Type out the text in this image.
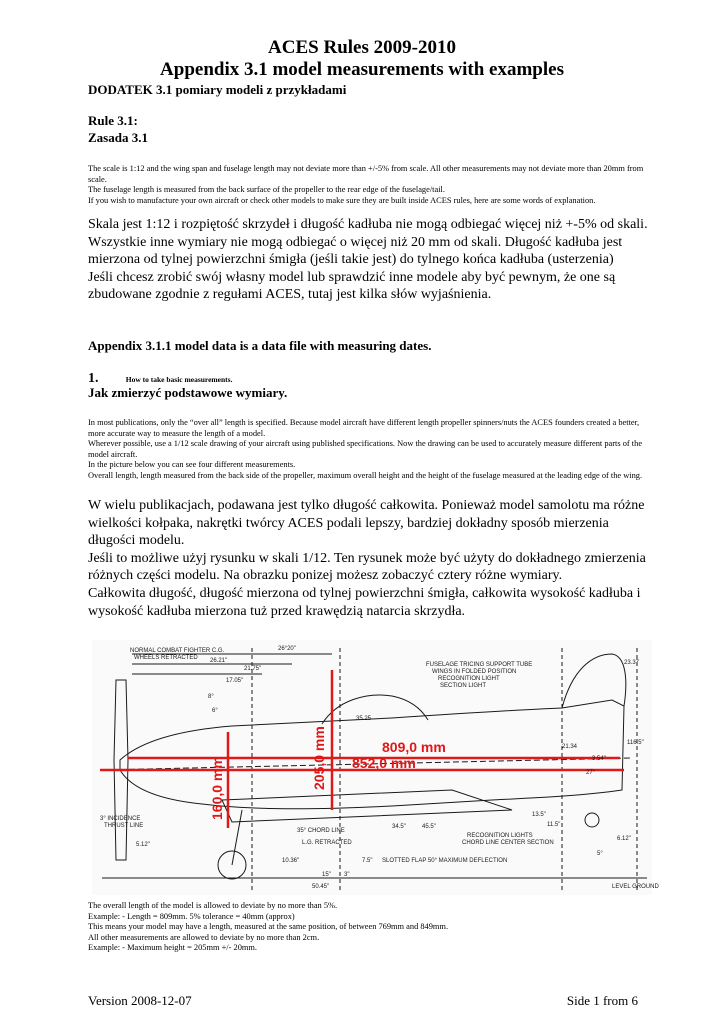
ACES Rules 2009-2010
Appendix 3.1 model measurements with examples
DODATEK 3.1 pomiary modeli z przykładami
Rule 3.1:
Zasada 3.1

The scale is 1:12 and the wing span and fuselage length may not deviate more than +/-5% from scale. All other measurements may not deviate more than 20mm from scale.

The fuselage length is measured from the back surface of the propeller to the rear edge of the fuselage/tail.

If you wish to manufacture your own aircraft or check other models to make sure they are built inside ACES rules, here are some words of explanation.

Skala jest 1:12 i rozpiętość skrzydeł i długość kadłuba nie mogą odbiegać więcej niż +-5% od skali. Wszystkie inne wymiary nie mogą odbiegać o więcej niż 20 mm od skali. Długość kadłuba jest mierzona od tylnej powierzchni śmigła (jeśli takie jest) do tylnego końca kadłuba (usterzenia)

Jeśli chcesz zrobić swój własny model lub sprawdzić inne modele aby być pewnym, że one są zbudowane zgodnie z regułami ACES, tutaj jest kilka słów wyjaśnienia.

Appendix 3.1.1 model data is a data file with measuring dates.
1.	How to take basic measurements.
Jak zmierzyć podstawowe wymiary.

In most publications, only the “over all” length is specified. Because model aircraft have different length propeller spinners/nuts the ACES founders created a better, more accurate way to measure the length of a model.

Wherever possible, use a 1/12 scale drawing of your aircraft using published specifications. Now the drawing can be used to accurately measure different parts of the model aircraft.

In the picture below you can see four different measurements.

Overall length, length measured from the back side of the propeller, maximum overall height and the height of the fuselage measured at the leading edge of the wing.

W wielu publikacjach, podawana jest tylko długość całkowita. Ponieważ model samolotu ma różne wielkości kołpaka, nakrętki twórcy ACES podali lepszy, bardziej dokładny sposób mierzenia długości modelu.

Jeśli to możliwe użyj rysunku w skali 1/12. Ten rysunek może być użyty do dokładnego zmierzenia różnych części modelu. Na obrazku ponizej możesz zobaczyć cztery różne wymiary.

Całkowita długość, długość mierzona od tylnej powierzchni śmigła, całkowita wysokość kadłuba i wysokość kadłuba mierzona tuż przed krawędzią natarcia skrzydła.

809,0 mm
852,0 mm
160,0 mm	205,0 mm
NORMAL COMBAT FIGHTER C.G.
WHEELS RETRACTED
FUSELAGE TRICING SUPPORT TUBE
WINGS IN FOLDED POSITION
RECOGNITION LIGHT
SECTION LIGHT
3° INCIDENCE
THRUST LINE
35° CHORD LINE
L.G. RETRACTED
SLOTTED FLAP 50° MAXIMUM DEFLECTION
RECOGNITION LIGHTS
CHORD LINE CENTER SECTION
LEVEL GROUND
26°20"
26.21"
21.75"
17.05"
23.37
35.25
21.34
34.5"	45.5"
10.36"
5.12"
7.5"
6.12"
116.5"
27°
8°
6°
13.5"
11.5"
50.45"
3.54"
15" 3"
5°

The overall length of the model is allowed to deviate by no more than 5%.

Example: - Length = 809mm. 5% tolerance = 40mm (approx)

This means your model may have a length, measured at the same position, of between 769mm and 849mm.

All other measurements are allowed to deviate by no more than 2cm.

Example: - Maximum height = 205mm +/- 20mm.

Version 2008-12-07	Side 1 from 6
